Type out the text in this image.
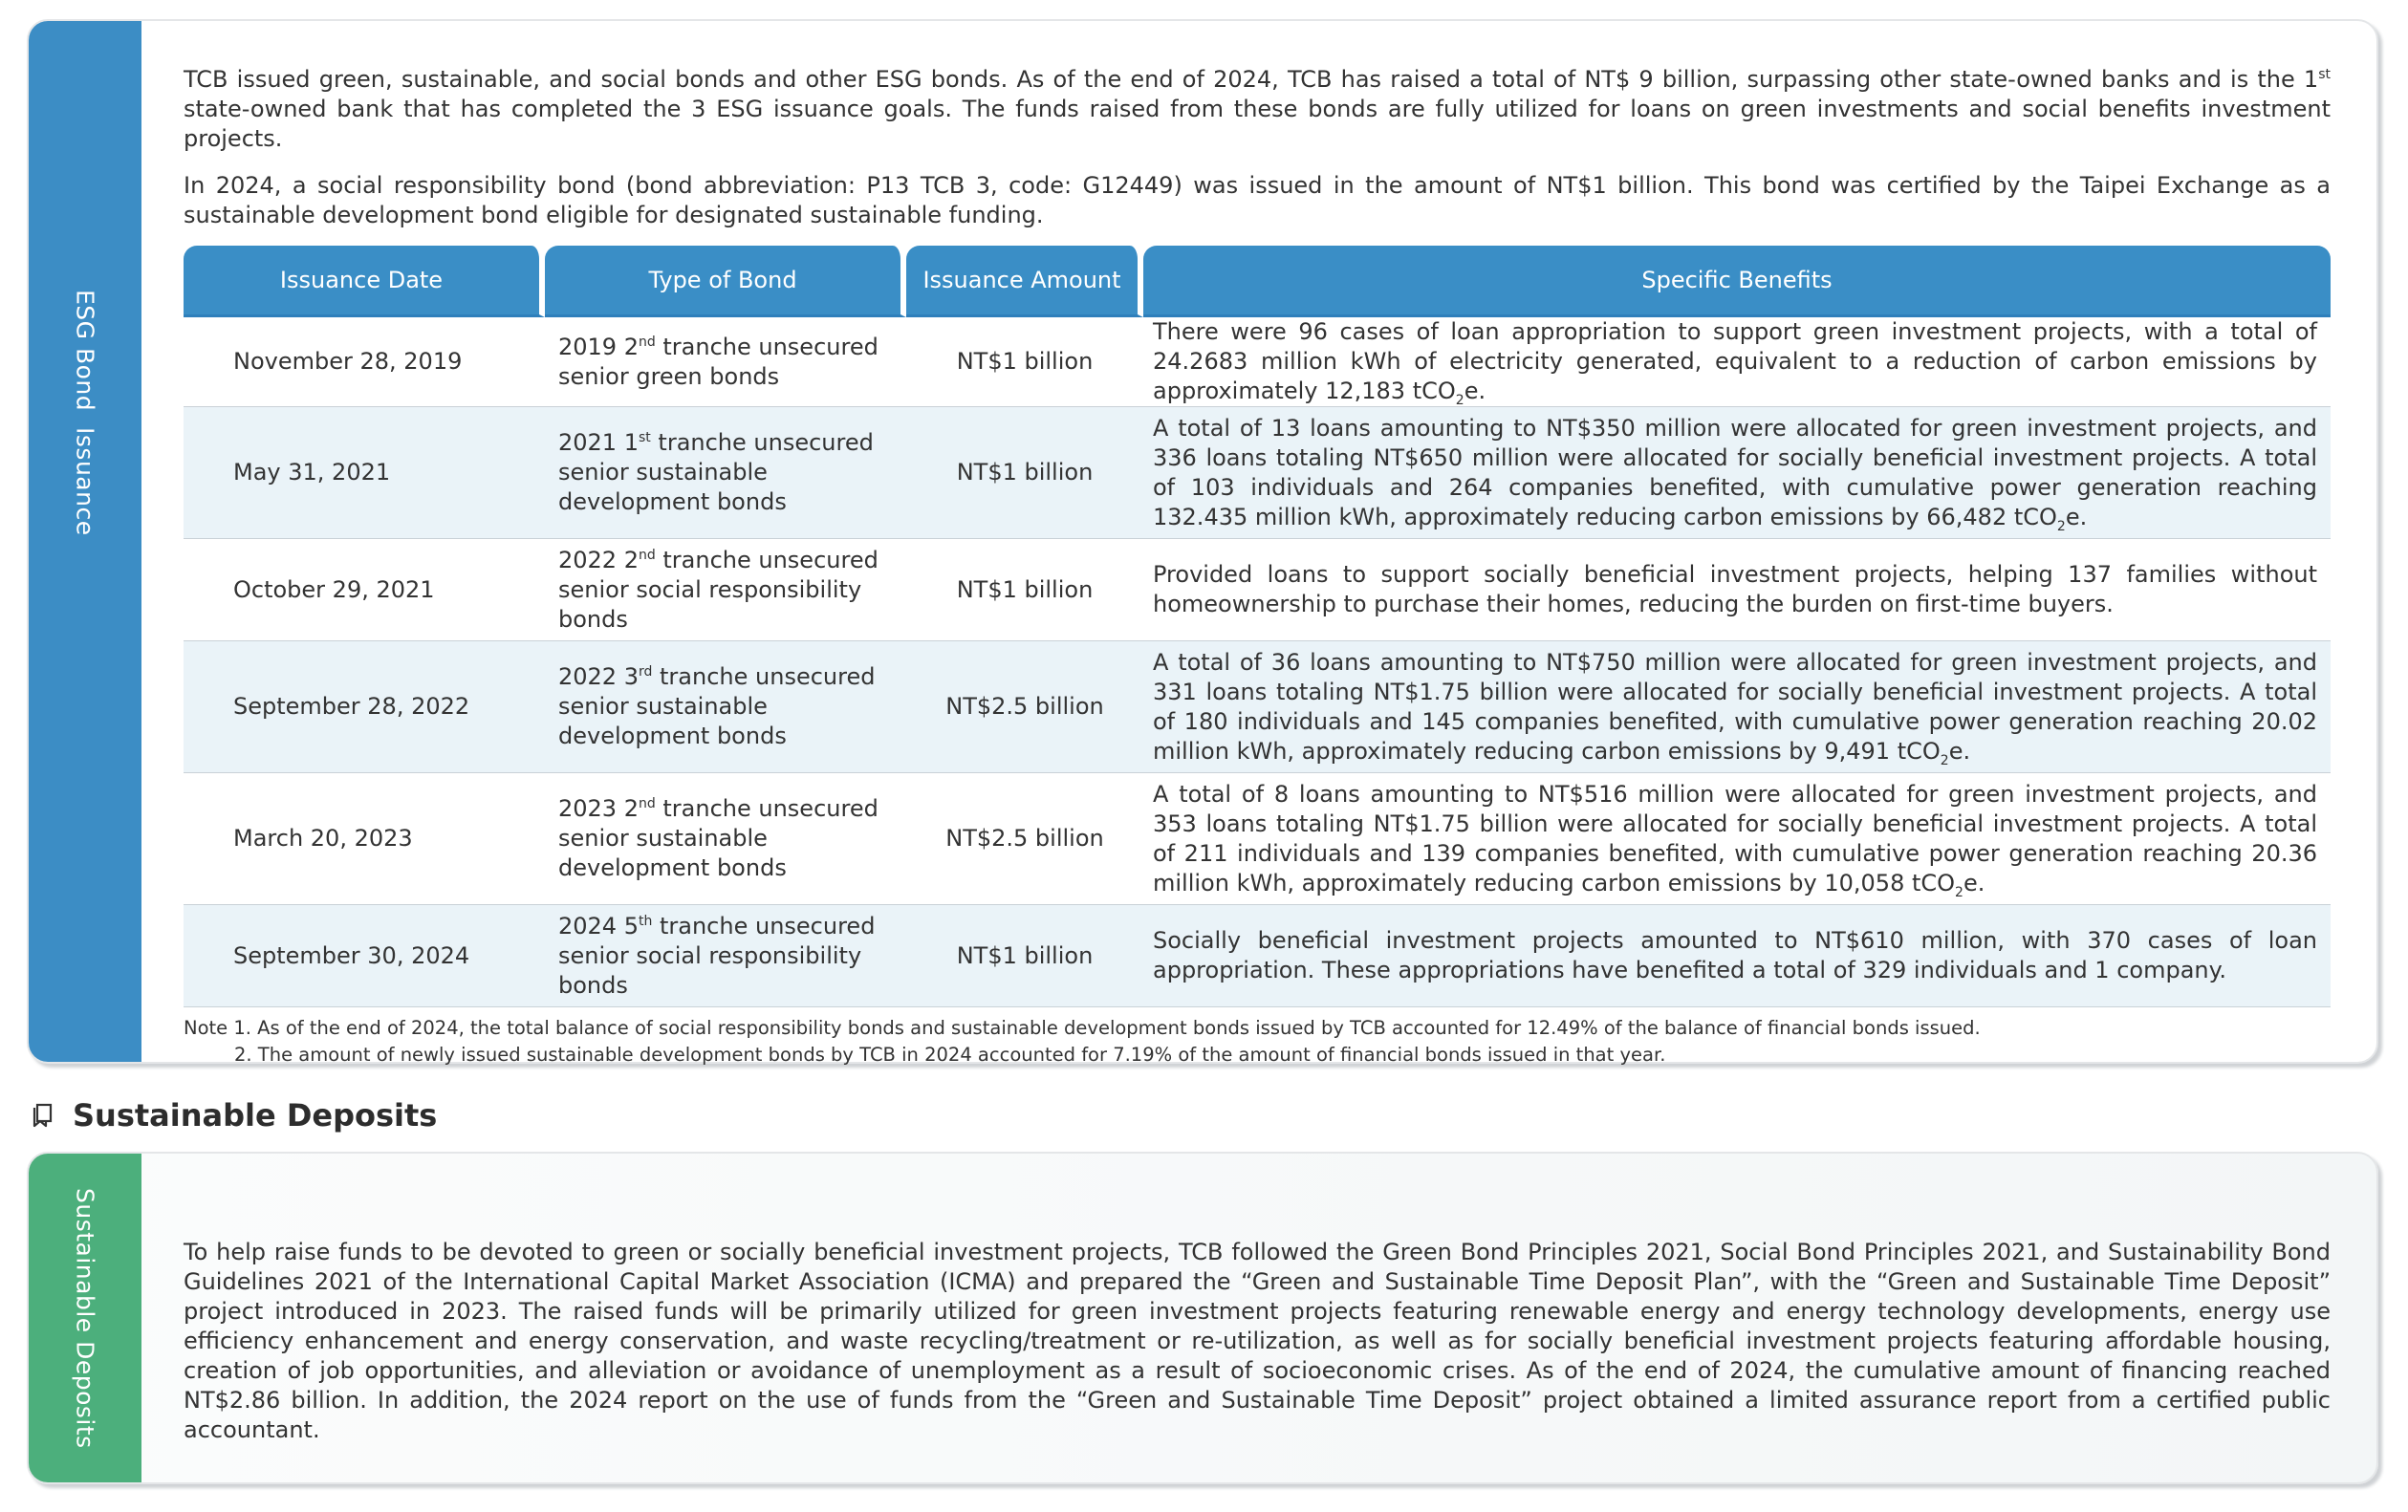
ESG Bond  Issuance

TCB issued green, sustainable, and social bonds and other ESG bonds. As of the end of 2024, TCB has raised a total of NT$ 9 billion, surpassing other state-owned banks and is the 1st state-owned bank that has completed the 3 ESG issuance goals. The funds raised from these bonds are fully utilized for loans on green investments and social benefits investment projects.

In 2024, a social responsibility bond (bond abbreviation: P13 TCB 3, code: G12449) was issued in the amount of NT$1 billion. This bond was certified by the Taipei Exchange as a sustainable development bond eligible for designated sustainable funding.

Issuance Date	Type of Bond	Issuance Amount	Specific Benefits
November 28, 2019	2019 2nd tranche unsecured senior green bonds	NT$1 billion	There were 96 cases of loan appropriation to support green investment projects, with a total of 24.2683 million kWh of electricity generated, equivalent to a reduction of carbon emissions by approximately 12,183 tCO$_2$e.
May 31, 2021	2021 1st tranche unsecured senior sustainable development bonds	NT$1 billion	A total of 13 loans amounting to NT$350 million were allocated for green investment projects, and 336 loans totaling NT$650 million were allocated for socially beneficial investment projects. A total of 103 individuals and 264 companies benefited, with cumulative power generation reaching 132.435 million kWh, approximately reducing carbon emissions by 66,482 tCO$_2$e.
October 29, 2021	2022 2nd tranche unsecured senior social responsibility bonds	NT$1 billion	Provided loans to support socially beneficial investment projects, helping 137 families without homeownership to purchase their homes, reducing the burden on first-time buyers.
September 28, 2022	2022 3rd tranche unsecured senior sustainable development bonds	NT$2.5 billion	A total of 36 loans amounting to NT$750 million were allocated for green investment projects, and 331 loans totaling NT$1.75 billion were allocated for socially beneficial investment projects. A total of 180 individuals and 145 companies benefited, with cumulative power generation reaching 20.02 million kWh, approximately reducing carbon emissions by 9,491 tCO$_2$e.
March 20, 2023	2023 2nd tranche unsecured senior sustainable development bonds	NT$2.5 billion	A total of 8 loans amounting to NT$516 million were allocated for green investment projects, and 353 loans totaling NT$1.75 billion were allocated for socially beneficial investment projects. A total of 211 individuals and 139 companies benefited, with cumulative power generation reaching 20.36 million kWh, approximately reducing carbon emissions by 10,058 tCO$_2$e.
September 30, 2024	2024 5th tranche unsecured senior social responsibility bonds	NT$1 billion	Socially beneficial investment projects amounted to NT$610 million, with 370 cases of loan appropriation. These appropriations have benefited a total of 329 individuals and 1 company.
Note 1. As of the end of 2024, the total balance of social responsibility bonds and sustainable development bonds issued by TCB accounted for 12.49% of the balance of financial bonds issued.
2. The amount of newly issued sustainable development bonds by TCB in 2024 accounted for 7.19% of the amount of financial bonds issued in that year.
Sustainable Deposits
Sustainable Deposits	To help raise funds to be devoted to green or socially beneficial investment projects, TCB followed the Green Bond Principles 2021, Social Bond Principles 2021, and Sustainability Bond Guidelines 2021 of the International Capital Market Association (ICMA) and prepared the “Green and Sustainable Time Deposit Plan”, with the “Green and Sustainable Time Deposit” project introduced in 2023. The raised funds will be primarily utilized for green investment projects featuring renewable energy and energy technology developments, energy use efficiency enhancement and energy conservation, and waste recycling/treatment or re-utilization, as well as for socially beneficial investment projects featuring affordable housing, creation of job opportunities, and alleviation or avoidance of unemployment as a result of socioeconomic crises. As of the end of 2024, the cumulative amount of financing reached NT$2.86 billion. In addition, the 2024 report on the use of funds from the “Green and Sustainable Time Deposit” project obtained a limited assurance report from a certified public accountant.
